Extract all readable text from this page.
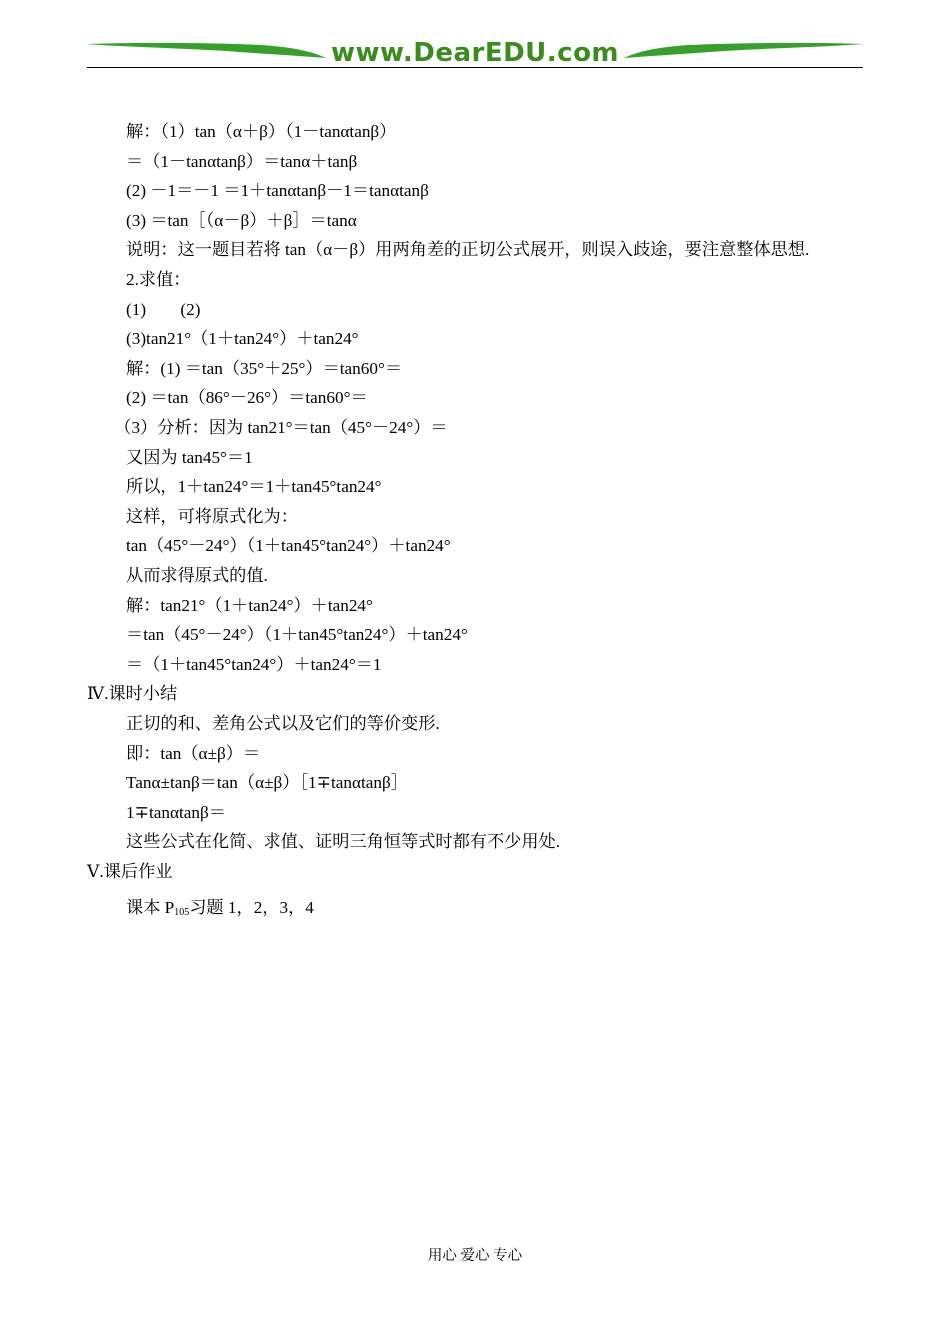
www.DearEDU.com
解：（1）tan（α＋β）（1－tanαtanβ）
＝（1－tanαtanβ）＝tanα＋tanβ
(2) －1＝－1 ＝1＋tanαtanβ－1＝tanαtanβ
(3) ＝tan［（α－β）＋β］＝tanα
说明：这一题目若将 tan（α－β）用两角差的正切公式展开，则误入歧途，要注意整体思想.
2.求值：
(1)　　(2)
(3)tan21°（1＋tan24°）＋tan24°
解：(1) ＝tan（35°＋25°）＝tan60°＝
(2) ＝tan（86°－26°）＝tan60°＝
（3）分析：因为 tan21°＝tan（45°－24°）＝
又因为 tan45°＝1
所以，1＋tan24°＝1＋tan45°tan24°
这样，可将原式化为：
tan（45°－24°）（1＋tan45°tan24°）＋tan24°
从而求得原式的值.
解：tan21°（1＋tan24°）＋tan24°
＝tan（45°－24°）（1＋tan45°tan24°）＋tan24°
＝（1＋tan45°tan24°）＋tan24°＝1
Ⅳ.课时小结
正切的和、差角公式以及它们的等价变形.
即：tan（α±β）＝
Tanα±tanβ＝tan（α±β）［1∓tanαtanβ］
1∓tanαtanβ＝
这些公式在化简、求值、证明三角恒等式时都有不少用处.
Ⅴ.课后作业
课本 $P_{105}$习题 1，2，3，4
用心 爱心 专心
